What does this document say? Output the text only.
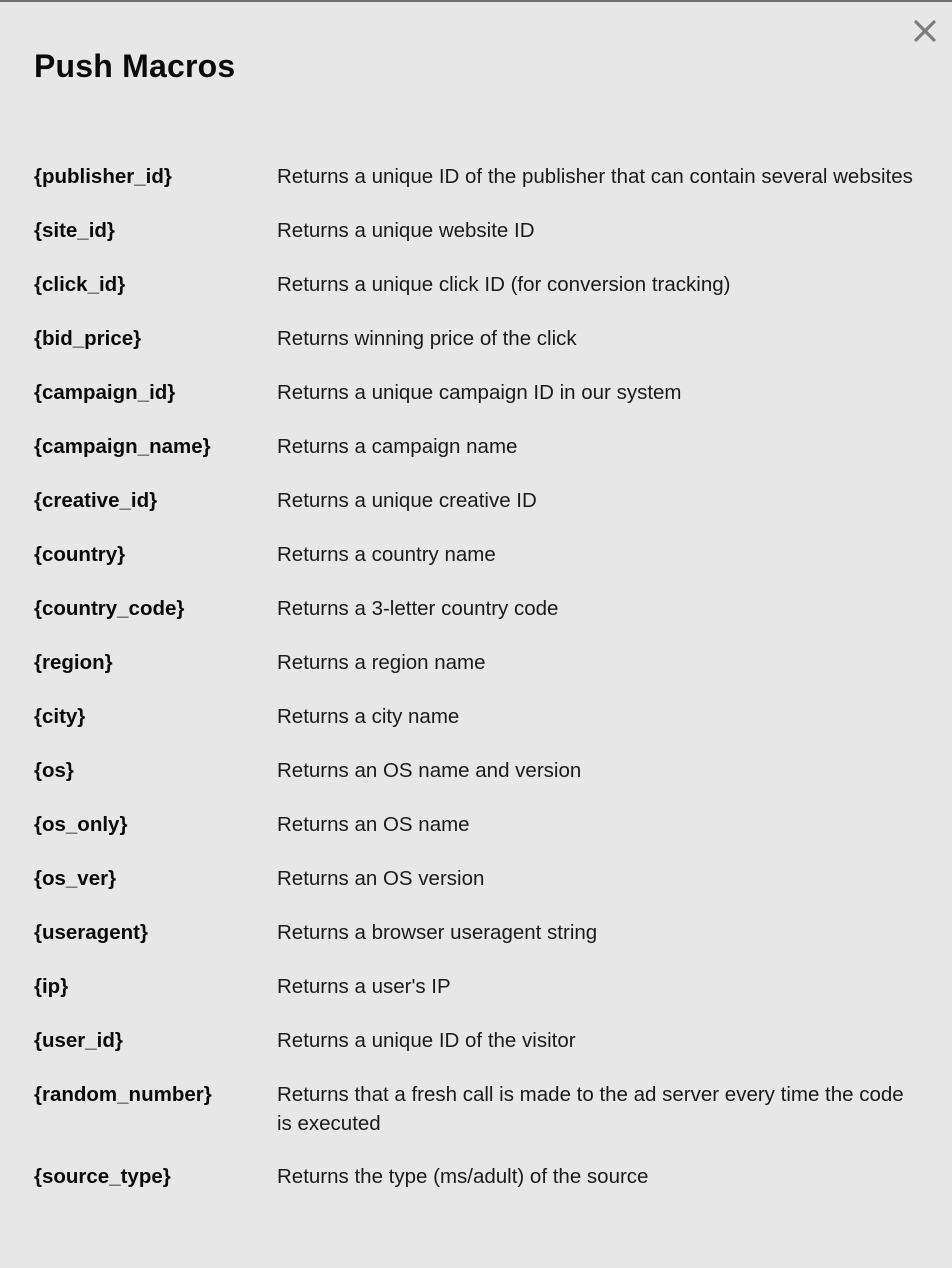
Push Macros
{publisher_id}	Returns a unique ID of the publisher that can contain several websites
{site_id}	Returns a unique website ID
{click_id}	Returns a unique click ID (for conversion tracking)
{bid_price}	Returns winning price of the click
{campaign_id}	Returns a unique campaign ID in our system
{campaign_name}	Returns a campaign name
{creative_id}	Returns a unique creative ID
{country}	Returns a country name
{country_code}	Returns a 3-letter country code
{region}	Returns a region name
{city}	Returns a city name
{os}	Returns an OS name and version
{os_only}	Returns an OS name
{os_ver}	Returns an OS version
{useragent}	Returns a browser useragent string
{ip}	Returns a user's IP
{user_id}	Returns a unique ID of the visitor
{random_number}	Returns that a fresh call is made to the ad server every time the code is executed
{source_type}	Returns the type (ms/adult) of the source
